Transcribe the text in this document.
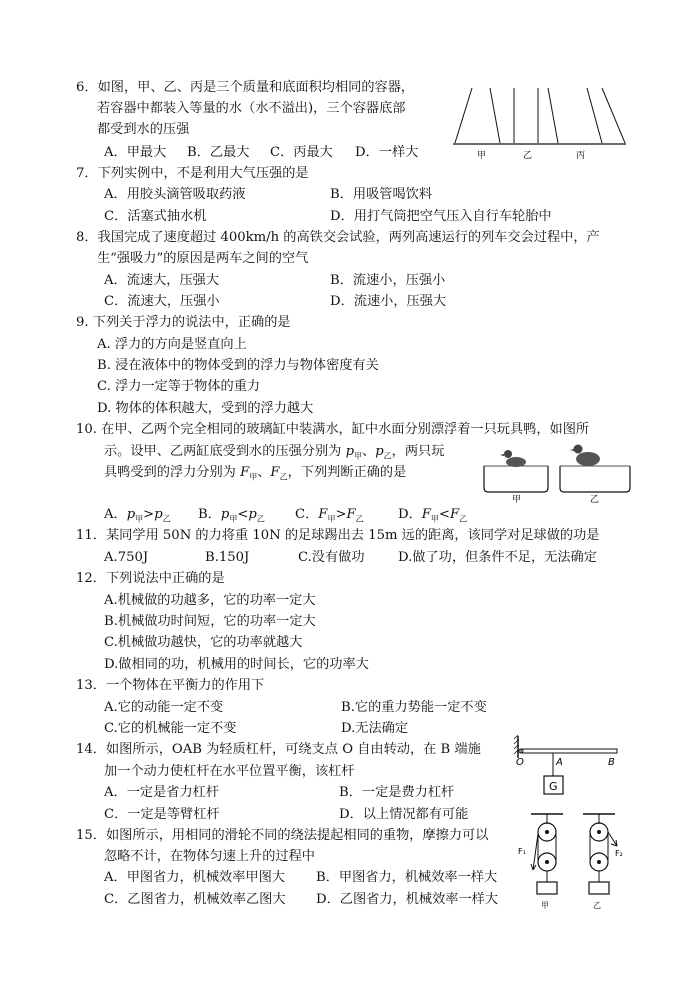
6．如图，甲、乙、丙是三个质量和底面积均相同的容器，
若容器中都装入等量的水（水不溢出)，三个容器底部
都受到水的压强
A．甲最大 B．乙最大 C．丙最大 D．一样大	甲	乙	丙
7．下列实例中，不是利用大气压强的是
A．用胶头滴管吸取药液	B．用吸管喝饮料
C．活塞式抽水机	D．用打气筒把空气压入自行车轮胎中
8．我国完成了速度超过 400km/h 的高铁交会试验，两列高速运行的列车交会过程中，产
生“强吸力”的原因是两车之间的空气
A．流速大，压强大	B．流速小，压强小
C．流速大，压强小	D．流速小，压强大
9. 下列关于浮力的说法中，正确的是
A. 浮力的方向是竖直向上
B. 浸在液体中的物体受到的浮力与物体密度有关
C. 浮力一定等于物体的重力
D. 物体的体积越大，受到的浮力越大
10. 在甲、乙两个完全相同的玻璃缸中装满水，缸中水面分别漂浮着一只玩具鸭，如图所
示。设甲、乙两缸底受到水的压强分别为 $p_甲$、$p_乙$，两只玩
具鸭受到的浮力分别为 $F_甲$、$F_乙$，下列判断正确的是
A．$p_甲>p_乙$ B．$p_甲<p_乙$ C．$F_甲>F_乙$	D．$F_甲<F_乙$
甲	乙
11．某同学用 50N 的力将重 10N 的足球踢出去 15m 远的距离，该同学对足球做的功是
A.750J	B.150J	C.没有做功	D.做了功，但条件不足，无法确定
12．下列说法中正确的是
A.机械做的功越多，它的功率一定大
B.机械做功时间短，它的功率一定大
C.机械做功越快，它的功率就越大
D.做相同的功，机械用的时间长，它的功率大
13．一个物体在平衡力的作用下
A.它的动能一定不变	B.它的重力势能一定不变
C.它的机械能一定不变	D.无法确定
14．如图所示，OAB 为轻质杠杆，可绕支点 O 自由转动，在 B 端施
加一个动力使杠杆在水平位置平衡，该杠杆
A．一定是省力杠杆	B．一定是费力杠杆
C．一定是等臂杠杆	D．以上情况都有可能
G
O	A	B
15．如图所示，用相同的滑轮不同的绕法提起相同的重物，摩擦力可以
忽略不计，在物体匀速上升的过程中
A．甲图省力，机械效率甲图大 B．甲图省力，机械效率一样大
C．乙图省力，机械效率乙图大 D．乙图省力，机械效率一样大
F₁
甲
F₂
乙
